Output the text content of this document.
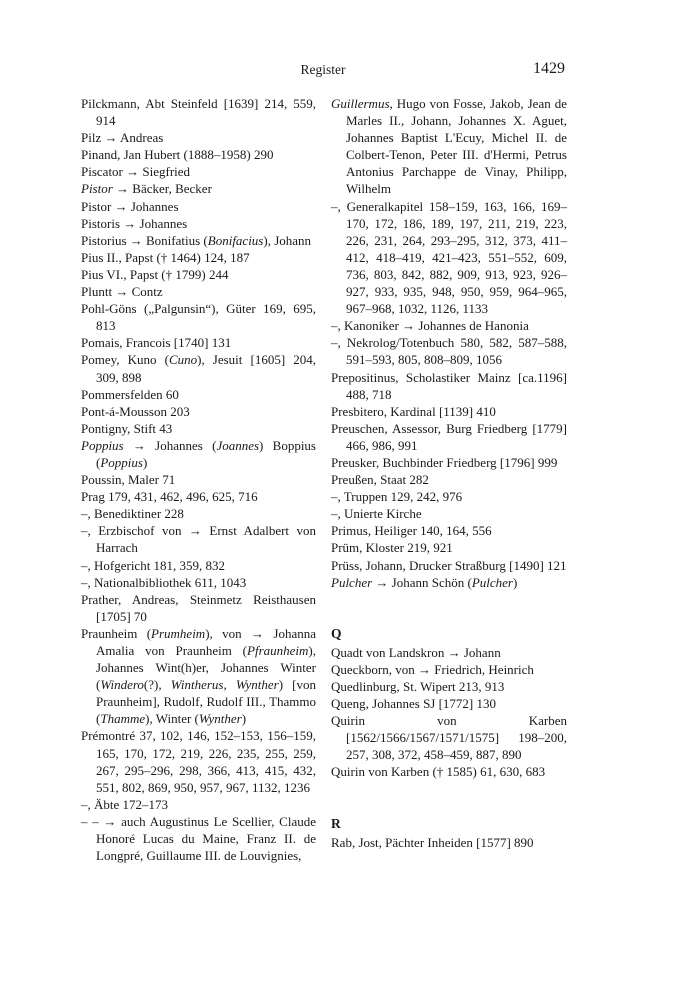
Register	1429
Pilckmann, Abt Steinfeld [1639] 214, 559, 914
Pilz → Andreas
Pinand, Jan Hubert (1888–1958) 290
Piscator → Siegfried
Pistor → Bäcker, Becker
Pistor → Johannes
Pistoris → Johannes
Pistorius → Bonifatius (Bonifacius), Johann
Pius II., Papst († 1464) 124, 187
Pius VI., Papst († 1799) 244
Pluntt → Contz
Pohl-Göns („Palgunsin“), Güter 169, 695, 813
Pomais, Francois [1740] 131
Pomey, Kuno (Cuno), Jesuit [1605] 204, 309, 898
Pommersfelden 60
Pont-á-Mousson 203
Pontigny, Stift 43
Poppius → Johannes (Joannes) Boppius (Poppius)
Poussin, Maler 71
Prag 179, 431, 462, 496, 625, 716
–, Benediktiner 228
–, Erzbischof von → Ernst Adalbert von Harrach
–, Hofgericht 181, 359, 832
–, Nationalbibliothek 611, 1043
Prather, Andreas, Steinmetz Reisthausen [1705] 70
Praunheim (Prumheim), von → Johanna Amalia von Praunheim (Pfraunheim), Johannes Wint(h)er, Johannes Winter (Windero(?), Wintherus, Wynther) [von Praunheim], Rudolf, Rudolf III., Thammo (Thamme), Winter (Wynther)
Prémontré 37, 102, 146, 152–153, 156–159, 165, 170, 172, 219, 226, 235, 255, 259, 267, 295–296, 298, 366, 413, 415, 432, 551, 802, 869, 950, 957, 967, 1132, 1236
–, Äbte 172–173
– – → auch Augustinus Le Scellier, Claude Honoré Lucas du Maine, Franz II. de Longpré, Guillaume III. de Louvignies,
Guillermus, Hugo von Fosse, Jakob, Jean de Marles II., Johann, Johannes X. Aguet, Johannes Baptist L'Ecuy, Michel II. de Colbert-Tenon, Peter III. d'Hermi, Petrus Antonius Parchappe de Vinay, Philipp, Wilhelm
–, Generalkapitel 158–159, 163, 166, 169–170, 172, 186, 189, 197, 211, 219, 223, 226, 231, 264, 293–295, 312, 373, 411–412, 418–419, 421–423, 551–552, 609, 736, 803, 842, 882, 909, 913, 923, 926–927, 933, 935, 948, 950, 959, 964–965, 967–968, 1032, 1126, 1133
–, Kanoniker → Johannes de Hanonia
–, Nekrolog/Totenbuch 580, 582, 587–588, 591–593, 805, 808–809, 1056
Prepositinus, Scholastiker Mainz [ca.1196] 488, 718
Presbitero, Kardinal [1139] 410
Preuschen, Assessor, Burg Friedberg [1779] 466, 986, 991
Preusker, Buchbinder Friedberg [1796] 999
Preußen, Staat 282
–, Truppen 129, 242, 976
–, Unierte Kirche
Primus, Heiliger 140, 164, 556
Prüm, Kloster 219, 921
Prüss, Johann, Drucker Straßburg [1490] 121
Pulcher → Johann Schön (Pulcher)
Q
Quadt von Landskron → Johann
Queckborn, von → Friedrich, Heinrich
Quedlinburg, St. Wipert 213, 913
Queng, Johannes SJ [1772] 130
Quirin von Karben [1562/1566/1567/1571/1575] 198–200, 257, 308, 372, 458–459, 887, 890
Quirin von Karben († 1585) 61, 630, 683
R
Rab, Jost, Pächter Inheiden [1577] 890
